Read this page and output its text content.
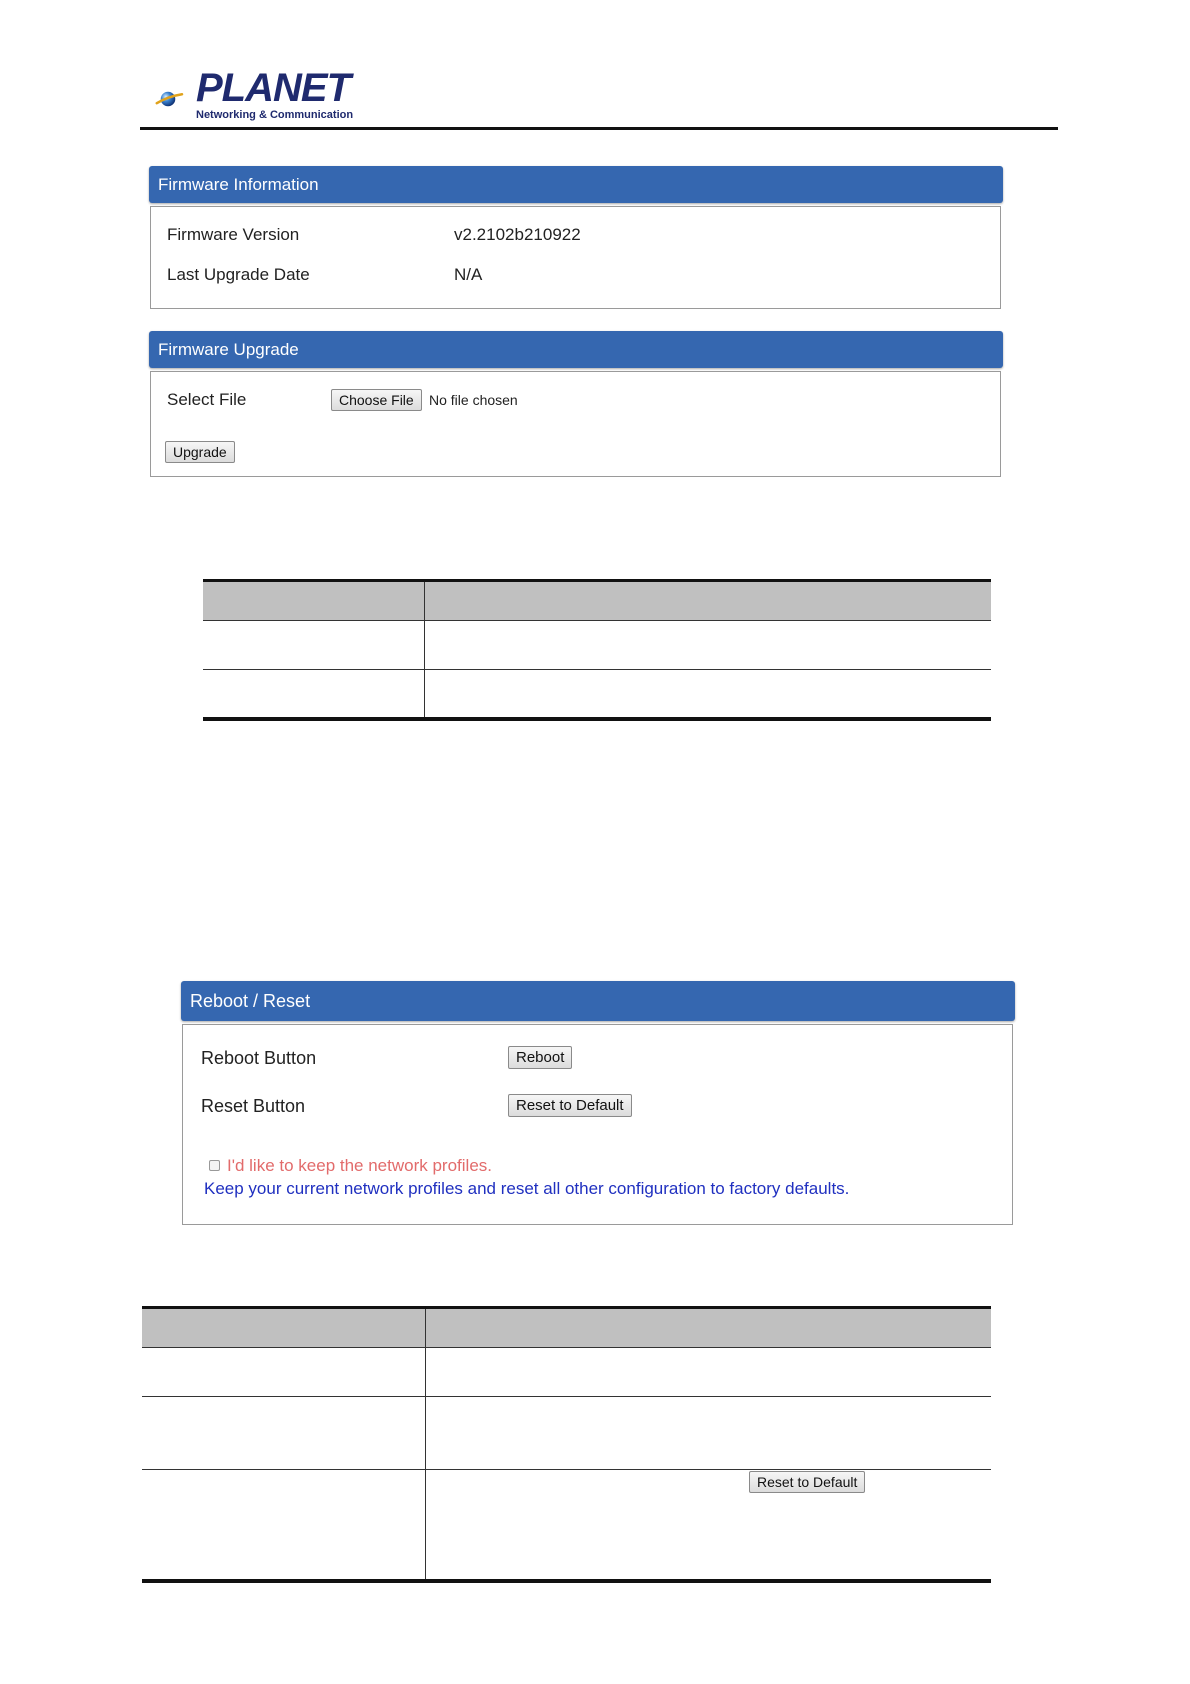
PLANET
Networking & Communication
Firmware Information
Firmware Version	v2.2102b210922
Last Upgrade Date	N/A
Firmware Upgrade
Select File	Choose File	No file chosen
Upgrade
Reboot / Reset
Reboot Button	Reboot
Reset Button	Reset to Default
I'd like to keep the network profiles.
Keep your current network profiles and reset all other configuration to factory defaults.
Reset to Default
